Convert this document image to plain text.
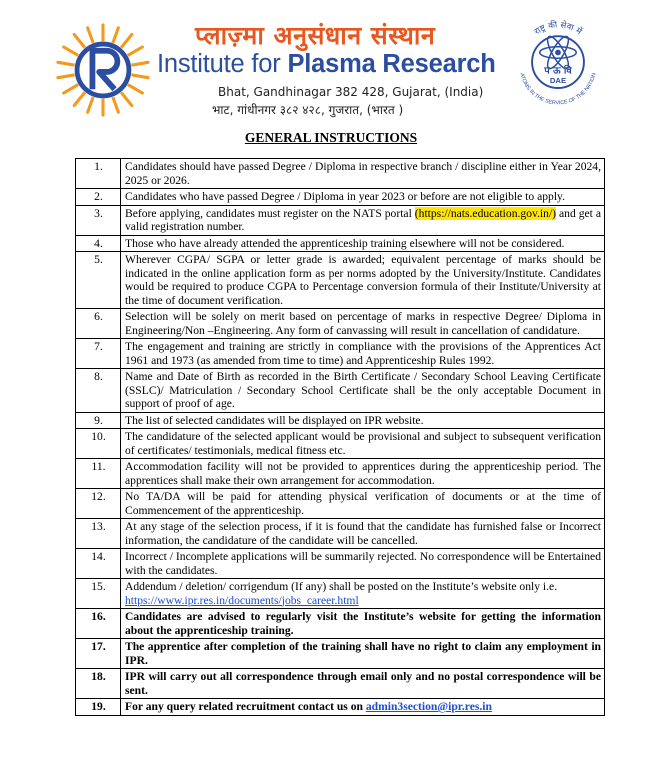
प्लाज़्मा अनुसंधान संस्थान
Institute for Plasma Research
Bhat, Gandhinagar 382 428, Gujarat, (India)
भाट, गांधीनगर ३८२ ४२८, गुजरात, (भारत )
राष्ट्र की सेवा में
प ऊ वि
DAE
ATOMS IN THE SERVICE OF THE NATION
GENERAL INSTRUCTIONS
1.	Candidates should have passed Degree / Diploma in respective branch / discipline either in Year 2024, 2025 or 2026.
2.	Candidates who have passed Degree / Diploma in year 2023 or before are not eligible to apply.
3.	Before applying, candidates must register on the NATS portal (https://nats.education.gov.in/) and get a valid registration number.
4.	Those who have already attended the apprenticeship training elsewhere will not be considered.
5.	Wherever CGPA/ SGPA or letter grade is awarded; equivalent percentage of marks should be indicated in the online application form as per norms adopted by the University/Institute. Candidates would be required to produce CGPA to Percentage conversion formula of their Institute/University at the time of document verification.
6.	Selection will be solely on merit based on percentage of marks in respective Degree/ Diploma in Engineering/Non –Engineering. Any form of canvassing will result in cancellation of candidature.
7.	The engagement and training are strictly in compliance with the provisions of the Apprentices Act 1961 and 1973 (as amended from time to time) and Apprenticeship Rules 1992.
8.	Name and Date of Birth as recorded in the Birth Certificate / Secondary School Leaving Certificate (SSLC)/ Matriculation / Secondary School Certificate shall be the only acceptable Document in support of proof of age.
9.	The list of selected candidates will be displayed on IPR website.
10.	The candidature of the selected applicant would be provisional and subject to subsequent verification of certificates/ testimonials, medical fitness etc.
11.	Accommodation facility will not be provided to apprentices during the apprenticeship period. The apprentices shall make their own arrangement for accommodation.
12.	No TA/DA will be paid for attending physical verification of documents or at the time of Commencement of the apprenticeship.
13.	At any stage of the selection process, if it is found that the candidate has furnished false or Incorrect information, the candidature of the candidate will be cancelled.
14.	Incorrect / Incomplete applications will be summarily rejected. No correspondence will be Entertained with the candidates.
15.	Addendum / deletion/ corrigendum (If any) shall be posted on the Institute’s website only i.e.
https://www.ipr.res.in/documents/jobs_career.html
16.	Candidates are advised to regularly visit the Institute’s website for getting the information about the apprenticeship training.
17.	The apprentice after completion of the training shall have no right to claim any employment in IPR.
18.	IPR will carry out all correspondence through email only and no postal correspondence will be sent.
19.	For any query related recruitment contact us on admin3section@ipr.res.in
